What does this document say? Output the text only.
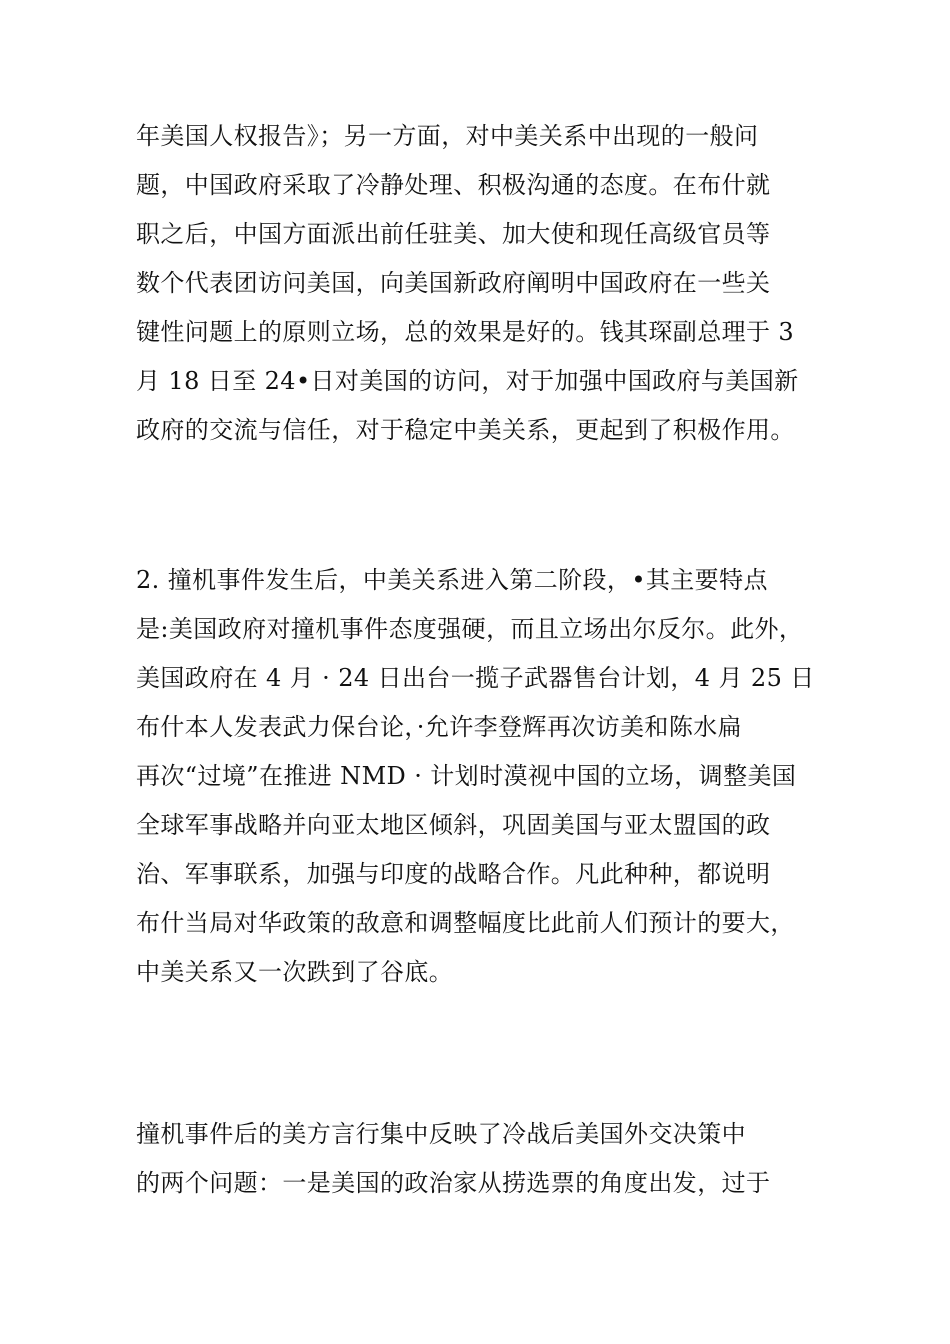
年美国人权报告》；另一方面，对中美关系中出现的一般问
题，中国政府采取了冷静处理、积极沟通的态度。在布什就
职之后，中国方面派出前任驻美、加大使和现任高级官员等
数个代表团访问美国，向美国新政府阐明中国政府在一些关
键性问题上的原则立场，总的效果是好的。钱其琛副总理于 3
月 18 日至 24•日对美国的访问，对于加强中国政府与美国新
政府的交流与信任，对于稳定中美关系，更起到了积极作用。
2. 撞机事件发生后，中美关系进入第二阶段，•其主要特点
是:美国政府对撞机事件态度强硬，而且立场出尔反尔。此外，
美国政府在 4 月 · 24 日出台一揽子武器售台计划，4 月 25 日
布什本人发表武力保台论，·允许李登辉再次访美和陈水扁
再次“过境”在推进 NMD · 计划时漠视中国的立场，调整美国
全球军事战略并向亚太地区倾斜，巩固美国与亚太盟国的政
治、军事联系，加强与印度的战略合作。凡此种种，都说明
布什当局对华政策的敌意和调整幅度比此前人们预计的要大，
中美关系又一次跌到了谷底。
撞机事件后的美方言行集中反映了冷战后美国外交决策中
的两个问题：一是美国的政治家从捞选票的角度出发，过于
